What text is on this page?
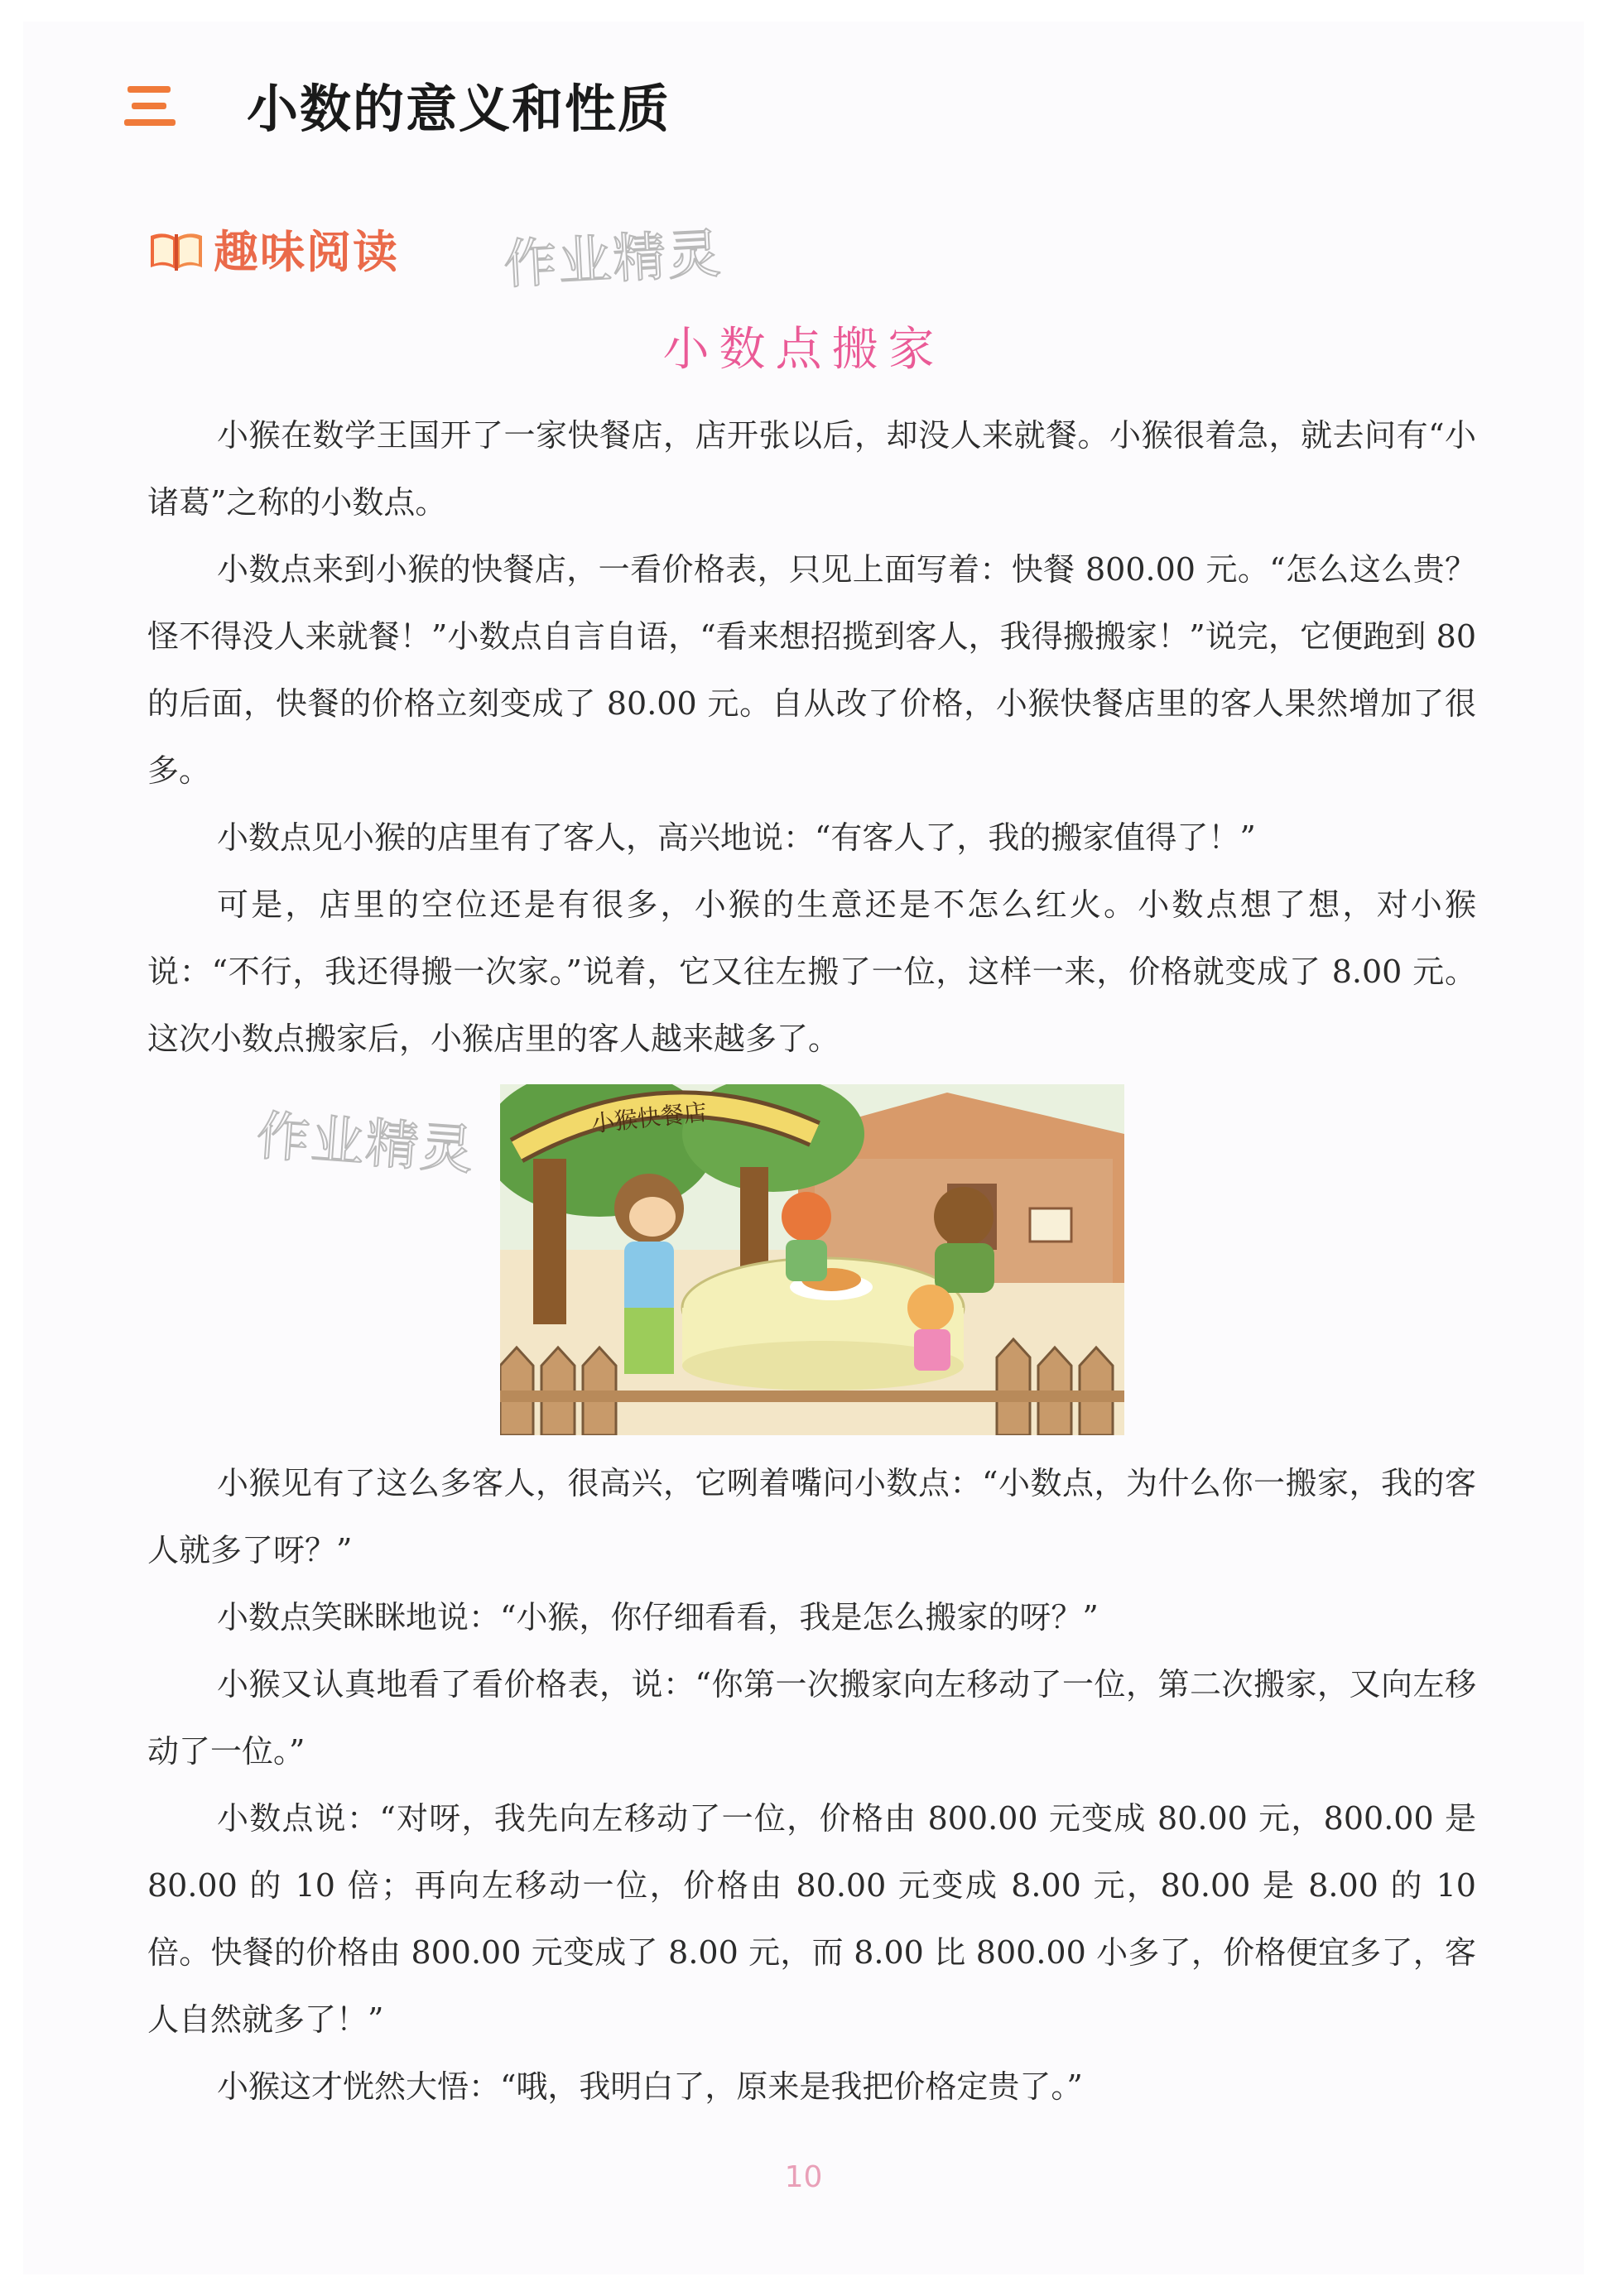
小数的意义和性质
趣味阅读 作业精灵
小数点搬家

小猴在数学王国开了一家快餐店，店开张以后，却没人来就餐。小猴很着急，就去问有“小诸葛”之称的小数点。

小数点来到小猴的快餐店，一看价格表，只见上面写着：快餐 800.00 元。“怎么这么贵？怪不得没人来就餐！”小数点自言自语，“看来想招揽到客人，我得搬搬家！”说完，它便跑到 80 的后面，快餐的价格立刻变成了 80.00 元。自从改了价格，小猴快餐店里的客人果然增加了很多。

小数点见小猴的店里有了客人，高兴地说：“有客人了，我的搬家值得了！”

可是，店里的空位还是有很多，小猴的生意还是不怎么红火。小数点想了想，对小猴说：“不行，我还得搬一次家。”说着，它又往左搬了一位，这样一来，价格就变成了 8.00 元。这次小数点搬家后，小猴店里的客人越来越多了。

作业精灵	小猴快餐店

小猴见有了这么多客人，很高兴，它咧着嘴问小数点：“小数点，为什么你一搬家，我的客人就多了呀？”

小数点笑眯眯地说：“小猴，你仔细看看，我是怎么搬家的呀？”

小猴又认真地看了看价格表，说：“你第一次搬家向左移动了一位，第二次搬家，又向左移动了一位。”

小数点说：“对呀，我先向左移动了一位，价格由 800.00 元变成 80.00 元，800.00 是 80.00 的 10 倍；再向左移动一位，价格由 80.00 元变成 8.00 元，80.00 是 8.00 的 10 倍。快餐的价格由 800.00 元变成了 8.00 元，而 8.00 比 800.00 小多了，价格便宜多了，客人自然就多了！”

小猴这才恍然大悟：“哦，我明白了，原来是我把价格定贵了。”

10
